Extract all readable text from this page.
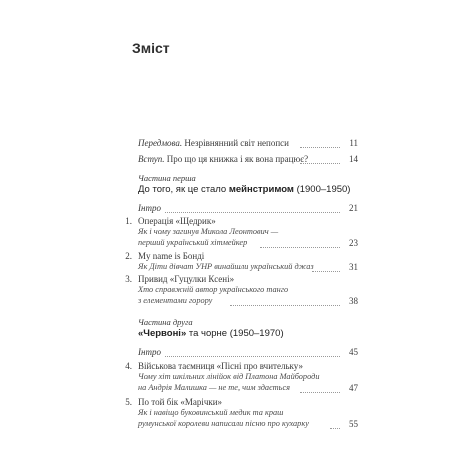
Зміст
Передмова. Незрівнянний світ непопси	11
Вступ. Про що ця книжка і як вона працює?	14
Частина перша
До того, як це стало мейнстримом (1900–1950)
Інтро	21
1. Операція «Щедрик»
Як і чому загинув Микола Леонтович —
перший український хітмейкер	23
2. My name is Бонді
Як Діти дівчат УНР винайшли український джаз	31
3. Привид «Гуцулки Ксені»
Хто справжній автор українського танго
з елементами горору	38
Частина друга
«Червоні» та чорне (1950–1970)
Інтро	45
4. Військова таємниця «Пісні про вчительку»
Чому хіт шкільних лінійок від Платона Майбороди
на Андрія Малишка — не те, чим здається	47
5. По той бік «Марічки»
Як і навіщо буковинський медик та краш
румунської королеви написали пісню про кухарку	55
